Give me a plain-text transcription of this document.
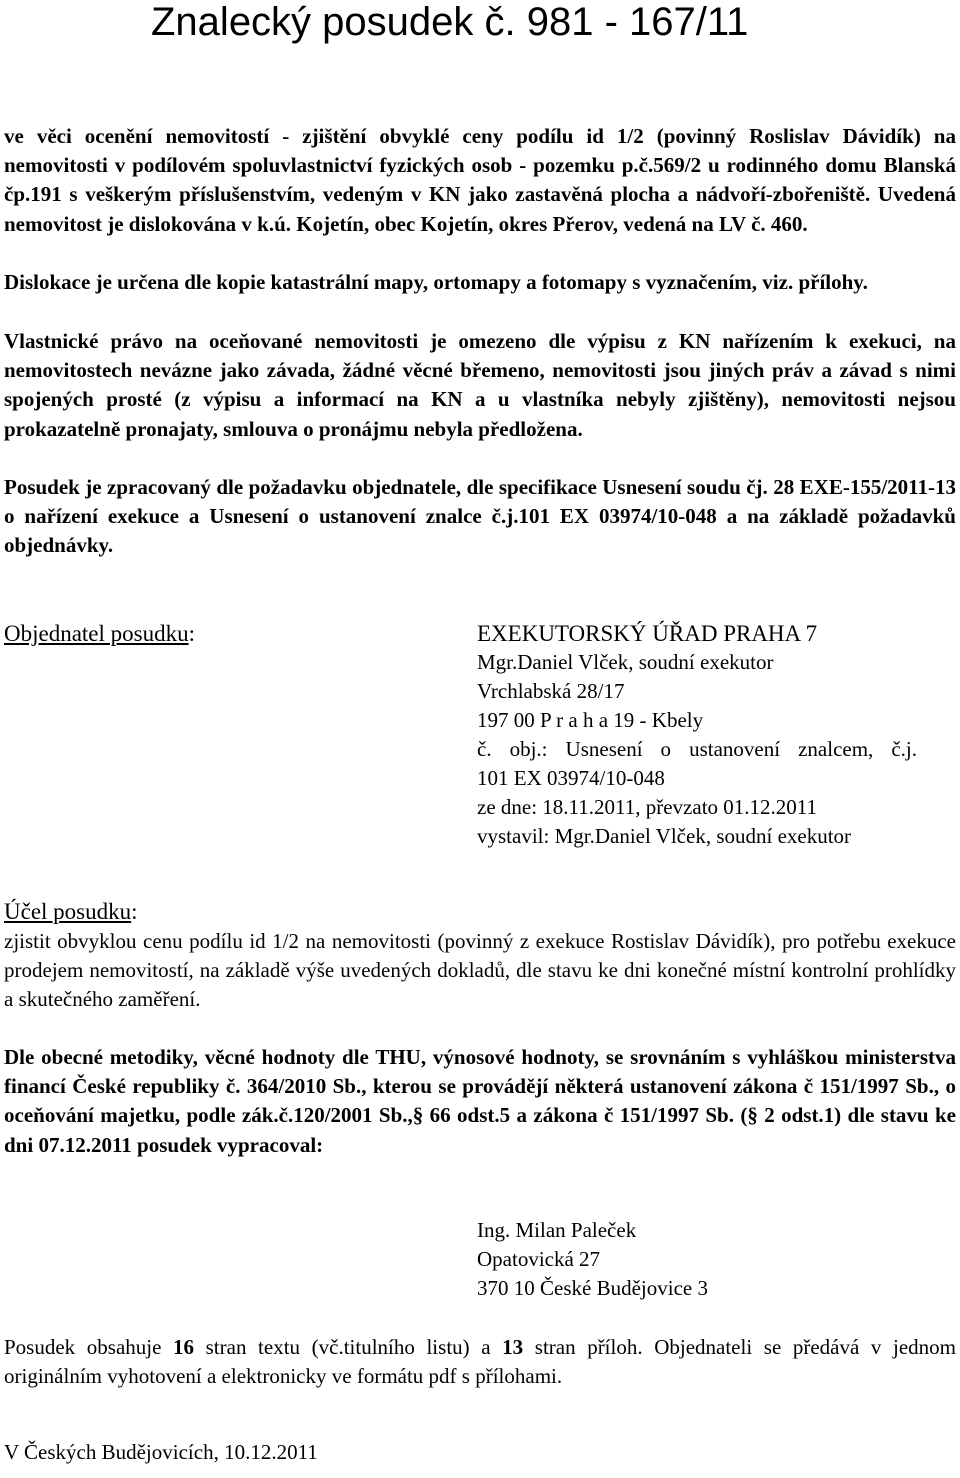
Znalecký posudek č. 981 - 167/11

ve věci ocenění nemovitostí - zjištění obvyklé ceny podílu id 1/2 (povinný Roslislav Dávidík) na nemovitosti v podílovém spoluvlastnictví fyzických osob - pozemku p.č.569/2 u rodinného domu Blanská čp.191 s veškerým příslušenstvím, vedeným v KN jako zastavěná plocha a nádvoří-zbořeniště. Uvedená nemovitost je dislokována v k.ú. Kojetín, obec Kojetín, okres Přerov, vedená na LV č. 460.

Dislokace je určena dle kopie katastrální mapy, ortomapy a fotomapy s vyznačením, viz. přílohy.

Vlastnické právo na oceňované nemovitosti je omezeno dle výpisu z KN nařízením k exekuci, na nemovitostech nevázne jako závada, žádné věcné břemeno, nemovitosti jsou jiných práv a závad s nimi spojených prosté (z výpisu a informací na KN a u vlastníka nebyly zjištěny), nemovitosti nejsou prokazatelně pronajaty, smlouva o pronájmu nebyla předložena.

Posudek je zpracovaný dle požadavku objednatele, dle specifikace Usnesení soudu čj. 28 EXE-155/2011-13 o nařízení exekuce a Usnesení o ustanovení znalce č.j.101 EX 03974/10-048 a na základě požadavků objednávky.

Objednatel posudku:	EXEKUTORSKÝ ÚŘAD PRAHA 7
Mgr.Daniel Vlček, soudní exekutor
Vrchlabská 28/17
197 00 P r a h a 19 - Kbely
č. obj.: Usnesení o ustanovení znalcem, č.j.
101 EX 03974/10-048
ze dne: 18.11.2011, převzato 01.12.2011
vystavil: Mgr.Daniel Vlček, soudní exekutor
Účel posudku:

zjistit obvyklou cenu podílu id 1/2 na nemovitosti (povinný z exekuce Rostislav Dávidík), pro potřebu exekuce prodejem nemovitostí, na základě výše uvedených dokladů, dle stavu ke dni konečné místní kontrolní prohlídky a skutečného zaměření.

Dle obecné metodiky, věcné hodnoty dle THU, výnosové hodnoty, se srovnáním s vyhláškou ministerstva financí České republiky č. 364/2010 Sb., kterou se provádějí některá ustanovení zákona č 151/1997 Sb., o oceňování majetku, podle zák.č.120/2001 Sb.,§ 66 odst.5 a zákona č 151/1997 Sb. (§ 2 odst.1) dle stavu ke dni 07.12.2011 posudek vypracoval:

Ing. Milan Paleček
Opatovická 27
370 10 České Budějovice 3

Posudek obsahuje 16 stran textu (vč.titulního listu) a 13 stran příloh. Objednateli se předává v jednom originálním vyhotovení a elektronicky ve formátu pdf s přílohami.

V Českých Budějovicích, 10.12.2011
